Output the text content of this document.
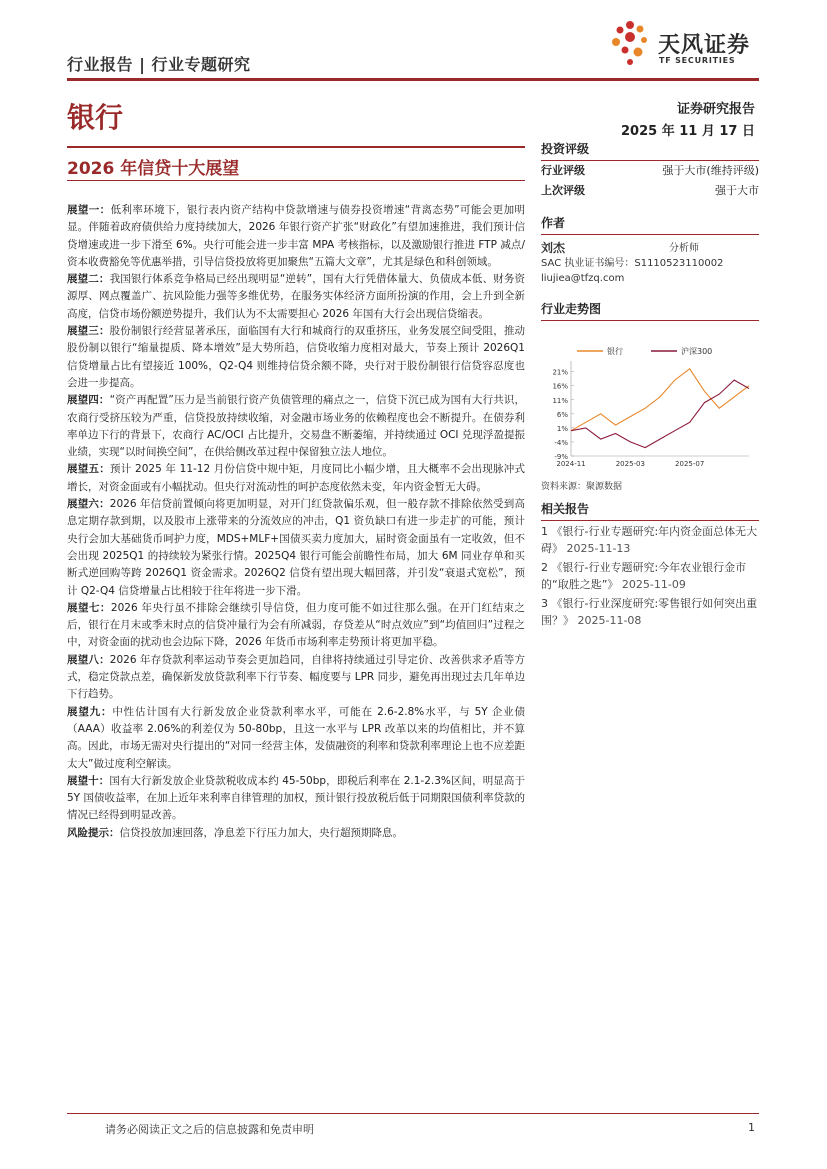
行业报告 | 行业专题研究
天风证券
TF SECURITIES
银行	证券研究报告
2025 年 11 月 17 日
2026 年信贷十大展望

展望一：低利率环境下，银行表内资产结构中贷款增速与债券投资增速“背离态势”可能会更加明显。伴随着政府债供给力度持续加大，2026 年银行资产扩张“财政化”有望加速推进，我们预计信贷增速或进一步下滑至 6%。央行可能会进一步丰富 MPA 考核指标，以及激励银行推进 FTP 减点/资本收费豁免等优惠举措，引导信贷投放将更加聚焦“五篇大文章”，尤其是绿色和科创领域。

展望二：我国银行体系竞争格局已经出现明显“逆转”，国有大行凭借体量大、负债成本低、财务资源厚、网点覆盖广、抗风险能力强等多维优势，在服务实体经济方面所扮演的作用，会上升到全新高度，信贷市场份额逆势提升，我们认为不太需要担心 2026 年国有大行会出现信贷缩表。

展望三：股份制银行经营显著承压，面临国有大行和城商行的双重挤压，业务发展空间受阻，推动股份制以银行“缩量提质、降本增效”是大势所趋，信贷收缩力度相对最大，节奏上预计 2026Q1 信贷增量占比有望接近 100%，Q2-Q4 则维持信贷余额不降，央行对于股份制银行信贷容忍度也会进一步提高。

展望四：“资产再配置”压力是当前银行资产负债管理的痛点之一，信贷下沉已成为国有大行共识，农商行受挤压较为严重，信贷投放持续收缩，对金融市场业务的依赖程度也会不断提升。在债券利率单边下行的背景下，农商行 AC/OCI 占比提升，交易盘不断萎缩，并持续通过 OCI 兑现浮盈提振业绩，实现“以时间换空间”，在供给侧改革过程中保留独立法人地位。

展望五：预计 2025 年 11-12 月份信贷中规中矩，月度同比小幅少增，且大概率不会出现脉冲式增长，对资金面或有小幅扰动。但央行对流动性的呵护态度依然未变，年内资金暂无大碍。

展望六：2026 年信贷前置倾向将更加明显，对开门红贷款偏乐观，但一般存款不排除依然受到高息定期存款到期，以及股市上涨带来的分流效应的冲击，Q1 资负缺口有进一步走扩的可能，预计央行会加大基础货币呵护力度，MDS+MLF+国债买卖力度加大，届时资金面虽有一定收敛，但不会出现 2025Q1 的持续较为紧张行情。2025Q4 银行可能会前瞻性布局，加大 6M 同业存单和买断式逆回购等跨 2026Q1 资金需求。2026Q2 信贷有望出现大幅回落，并引发“衰退式宽松”，预计 Q2-Q4 信贷增量占比相较于往年将进一步下滑。

展望七：2026 年央行虽不排除会继续引导信贷，但力度可能不如过往那么强。在开门红结束之后，银行在月末或季末时点的信贷冲量行为会有所减弱，存贷差从“时点效应”到“均值回归”过程之中，对资金面的扰动也会边际下降，2026 年货币市场利率走势预计将更加平稳。

展望八：2026 年存贷款利率运动节奏会更加趋同，自律将持续通过引导定价、改善供求矛盾等方式，稳定贷款点差，确保新发放贷款利率下行节奏、幅度要与 LPR 同步，避免再出现过去几年单边下行趋势。

展望九：中性估计国有大行新发放企业贷款利率水平，可能在 2.6-2.8%水平，与 5Y 企业债（AAA）收益率 2.06%的利差仅为 50-80bp，且这一水平与 LPR 改革以来的均值相比，并不算高。因此，市场无需对央行提出的“对同一经营主体，发债融资的利率和贷款利率理论上也不应差距太大”做过度利空解读。

展望十：国有大行新发放企业贷款税收成本约 45-50bp，即税后利率在 2.1-2.3%区间，明显高于 5Y 国债收益率，在加上近年来利率自律管理的加权，预计银行投放税后低于同期限国债利率贷款的情况已经得到明显改善。

风险提示：信贷投放加速回落，净息差下行压力加大，央行超预期降息。

投资评级
行业评级	强于大市(维持评级)
上次评级	强于大市
作者
刘杰	分析师
SAC 执业证书编号：S1110523110002
liujiea@tfzq.com
行业走势图
银行	沪深300
21%
16%
11%
6%
1%
-4%
-9%
2024-11	2025-03	2025-07
资料来源：聚源数据
相关报告
1 《银行-行业专题研究:年内资金面总体无大碍》 2025-11-13
2 《银行-行业专题研究:今年农业银行金市的“取胜之匙”》 2025-11-09
3 《银行-行业深度研究:零售银行如何突出重围？》 2025-11-08
请务必阅读正文之后的信息披露和免责申明	1
